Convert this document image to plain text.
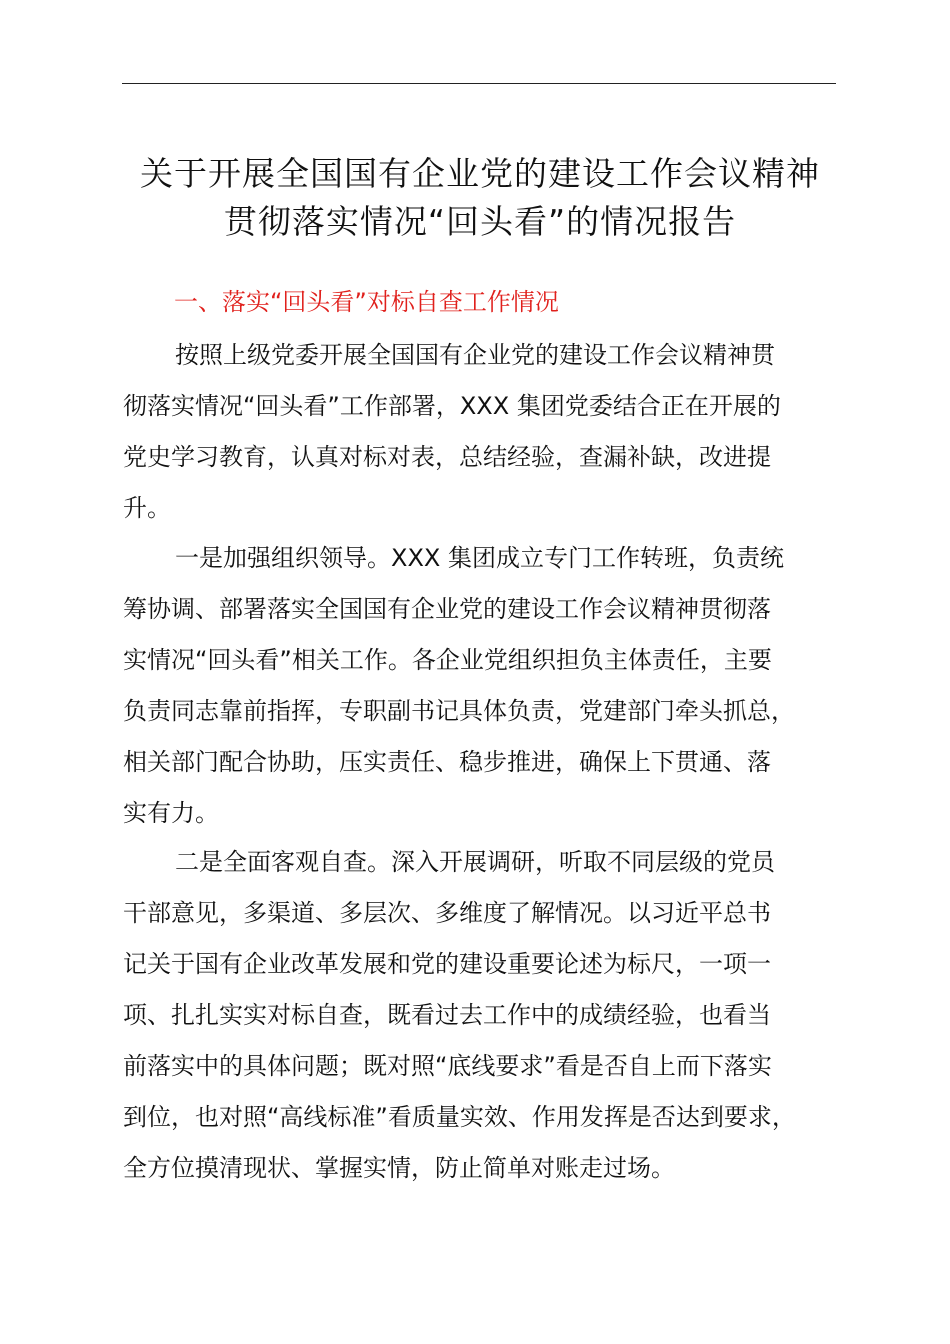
关于开展全国国有企业党的建设工作会议精神
贯彻落实情况“回头看”的情况报告
一、落实“回头看”对标自查工作情况
按照上级党委开展全国国有企业党的建设工作会议精神贯
彻落实情况“回头看”工作部署，XXX 集团党委结合正在开展的
党史学习教育，认真对标对表，总结经验，查漏补缺，改进提
升。
一是加强组织领导。XXX 集团成立专门工作转班，负责统
筹协调、部署落实全国国有企业党的建设工作会议精神贯彻落
实情况“回头看”相关工作。各企业党组织担负主体责任，主要
负责同志靠前指挥，专职副书记具体负责，党建部门牵头抓总，
相关部门配合协助，压实责任、稳步推进，确保上下贯通、落
实有力。
二是全面客观自查。深入开展调研，听取不同层级的党员
干部意见，多渠道、多层次、多维度了解情况。以习近平总书
记关于国有企业改革发展和党的建设重要论述为标尺，一项一
项、扎扎实实对标自查，既看过去工作中的成绩经验，也看当
前落实中的具体问题；既对照“底线要求”看是否自上而下落实
到位，也对照“高线标准”看质量实效、作用发挥是否达到要求，
全方位摸清现状、掌握实情，防止简单对账走过场。
